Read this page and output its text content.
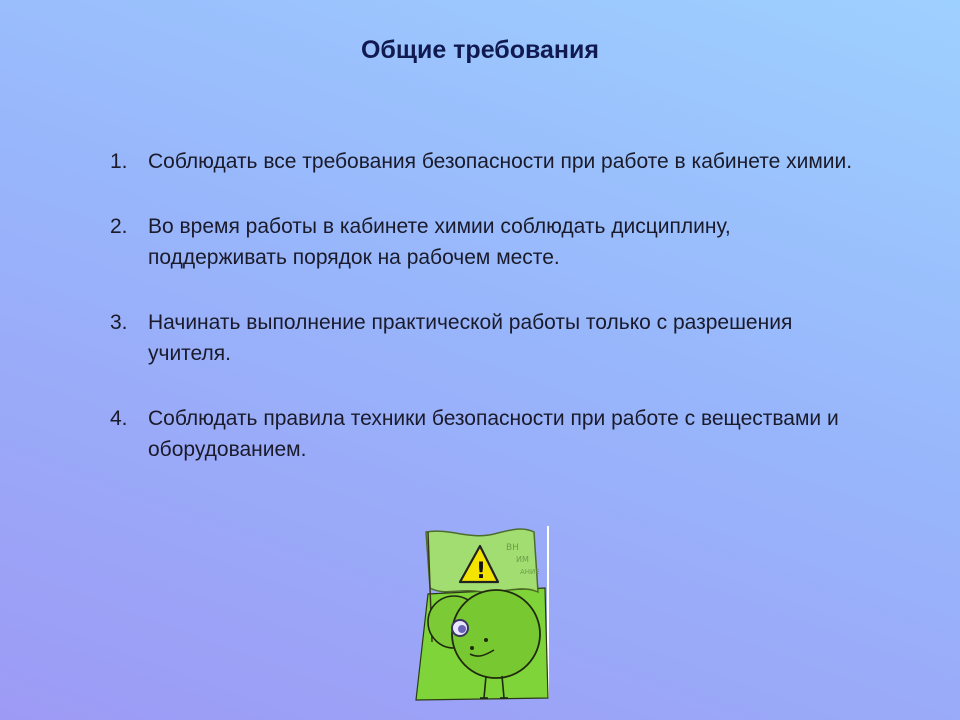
Общие требования
1. Соблюдать все требования безопасности при работе в кабинете химии.
2. Во время работы в кабинете химии соблюдать дисциплину, поддерживать порядок на рабочем месте.
3. Начинать выполнение практической работы только с разрешения учителя.
4. Соблюдать правила техники безопасности при работе с веществами и оборудованием.
!
ВН
ИМ
АНИЕ
